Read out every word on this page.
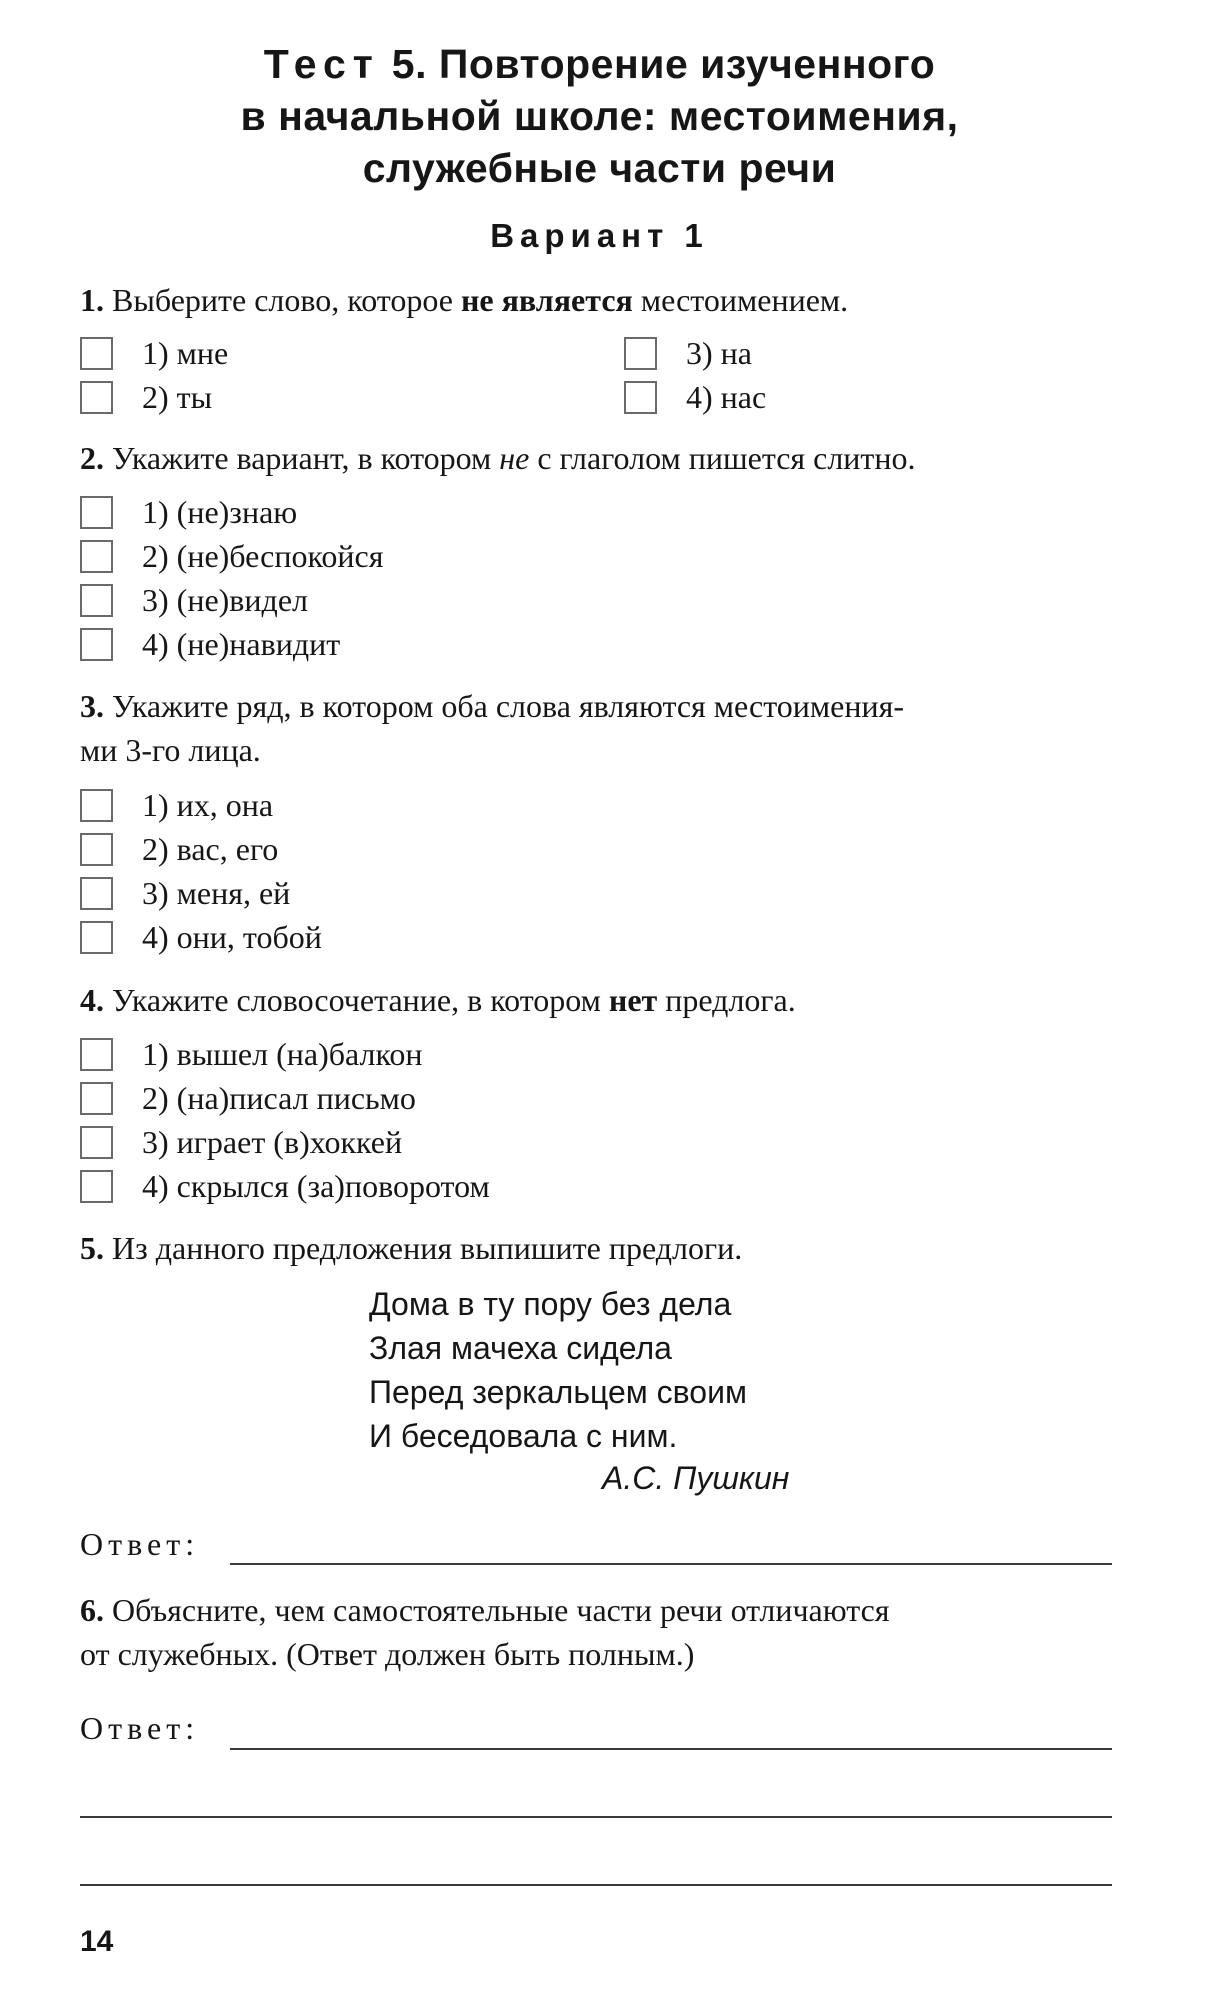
Тест 5. Повторение изученного
в начальной школе: местоимения,
служебные части речи
Вариант 1
1. Выберите слово, которое не является местоимением.
1) мне
2) ты
3) на
4) нас
2. Укажите вариант, в котором не с глаголом пишется слитно.
1) (не)знаю
2) (не)беспокойся
3) (не)видел
4) (не)навидит
3. Укажите ряд, в котором оба слова являются местоимения-
ми 3-го лица.
1) их, она
2) вас, его
3) меня, ей
4) они, тобой
4. Укажите словосочетание, в котором нет предлога.
1) вышел (на)балкон
2) (на)писал письмо
3) играет (в)хоккей
4) скрылся (за)поворотом
5. Из данного предложения выпишите предлоги.
Дома в ту пору без дела
Злая мачеха сидела
Перед зеркальцем своим
И беседовала с ним.
А.С. Пушкин
Ответ:
6. Объясните, чем самостоятельные части речи отличаются
от служебных. (Ответ должен быть полным.)
Ответ:
14
